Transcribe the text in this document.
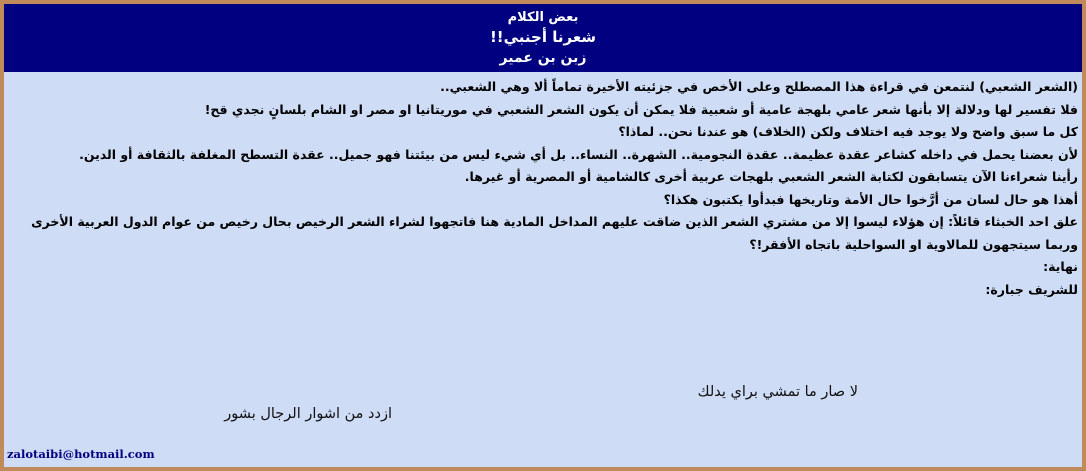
بعض الكلام
شعرنا أجنبي!!
زبن بن عمير

(الشعر الشعبي) لنتمعن في قراءة هذا المصطلح وعلى الأخص في جزئيته الأخيرة تماماً ألا وهي الشعبي..

فلا تفسير لها ودلالة إلا بأنها شعر عامي بلهجة عامية أو شعبية فلا يمكن أن يكون الشعر الشعبي في موريتانيا او مصر او الشام بلسانٍ نجدي قح!

كل ما سبق واضح ولا يوجد فيه اختلاف ولكن (الخلاف) هو عندنا نحن.. لماذا؟

لأن بعضنا يحمل في داخله كشاعر عقدة عظيمة.. عقدة النجومية.. الشهرة.. النساء.. بل أي شيء ليس من بيئتنا فهو جميل.. عقدة التسطح المغلفة بالثقافة أو الدين.

رأينا شعراءنا الآن يتسابقون لكتابة الشعر الشعبي بلهجات عربية أخرى كالشامية أو المصرية أو غيرها.

أهذا هو حال لسان من أرَّخوا حال الأمة وتاريخها فبدأوا يكتبون هكذا؟

علق احد الخبثاء قائلاً: إن هؤلاء ليسوا إلا من مشتري الشعر الذين ضاقت عليهم المداخل المادية هنا فاتجهوا لشراء الشعر الرخيص بحال رخيص من عوام الدول العربية الأخرى وربما سيتجهون للمالاوية او السواحلية باتجاه الأفقر!؟

نهاية:

للشريف جبارة:

لا صار ما تمشي براي يدلك
ازدد من اشوار الرجال بشور
zalotaibi@hotmail.com
